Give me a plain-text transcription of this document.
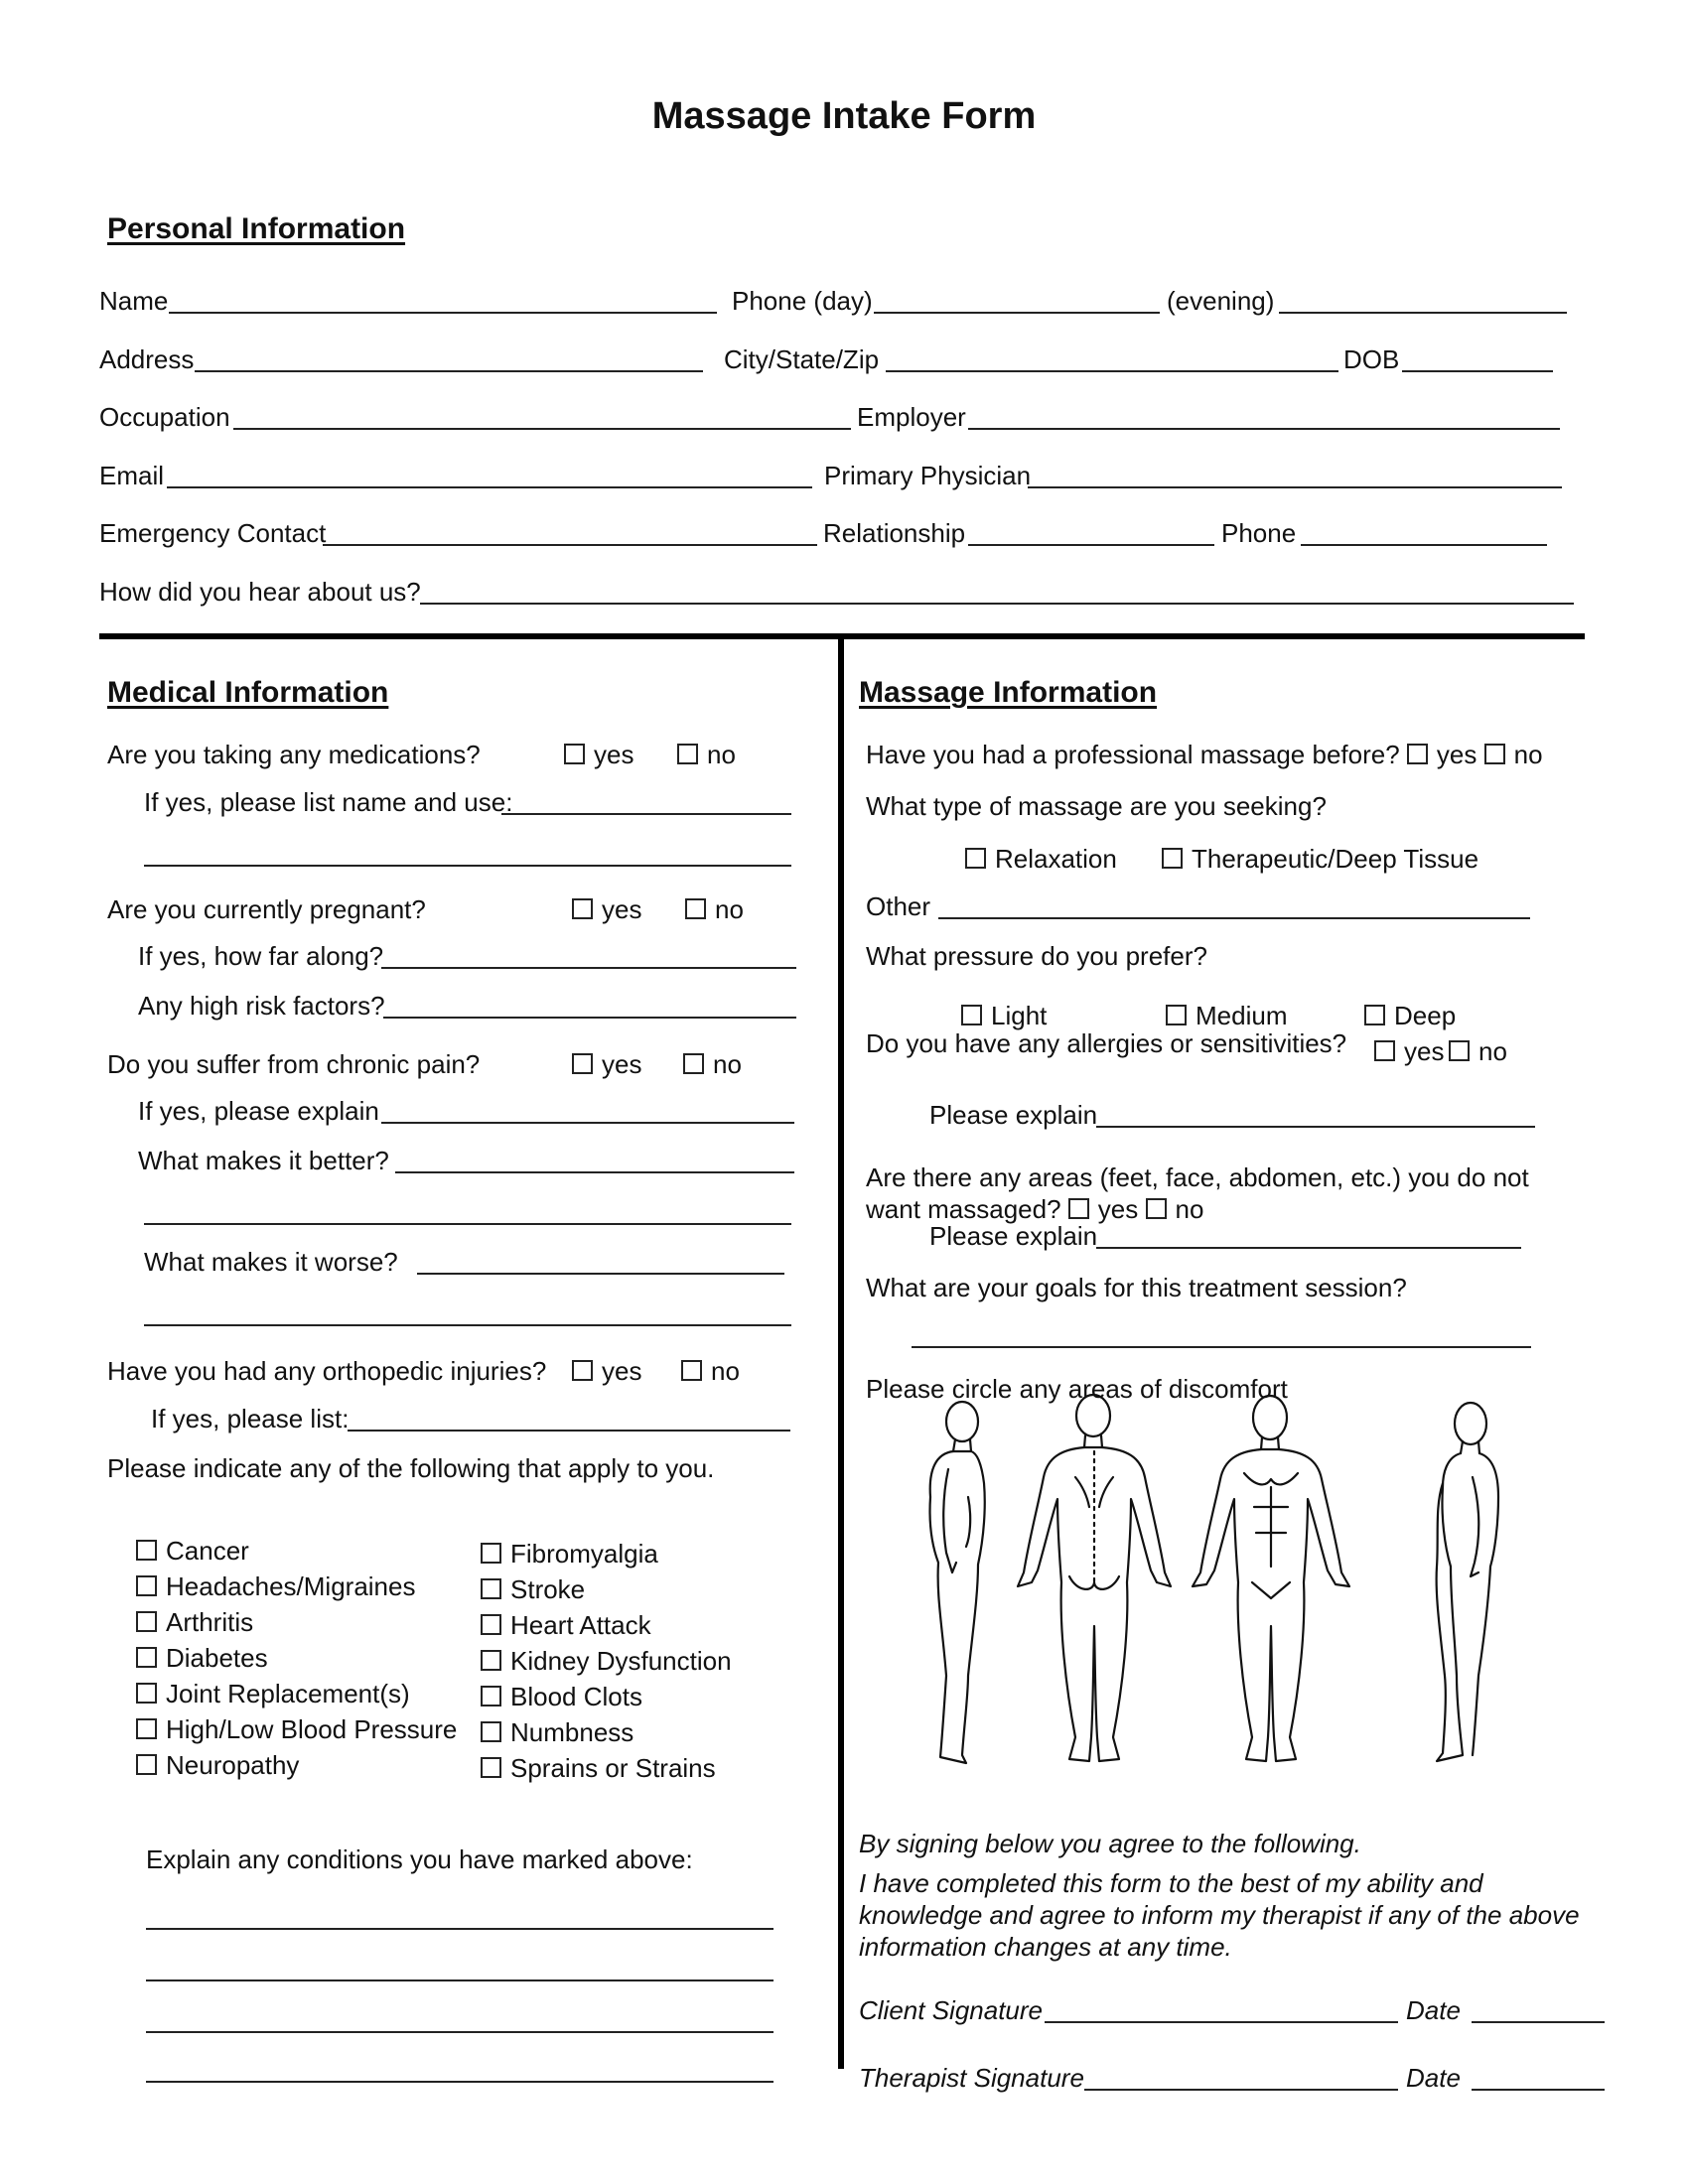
Massage Intake Form
Personal Information
Name	Phone (day)	(evening)
Address	City/State/Zip	DOB
Occupation	Employer
Email	Primary Physician
Emergency Contact	Relationship	Phone
How did you hear about us?
Medical Information
Are you taking any medications?	yes	no
If yes, please list name and use:
Are you currently pregnant?	yes	no
If yes, how far along?
Any high risk factors?
Do you suffer from chronic pain?	yes	no
If yes, please explain
What makes it better?
What makes it worse?
Have you had any orthopedic injuries?	yes	no
If yes, please list:
Please indicate any of the following that apply to you.
Cancer
Headaches/Migraines
Arthritis
Diabetes
Joint Replacement(s)
High/Low Blood Pressure
Neuropathy
Fibromyalgia
Stroke
Heart Attack
Kidney Dysfunction
Blood Clots
Numbness
Sprains or Strains
Explain any conditions you have marked above:
Massage Information
Have you had a professional massage before? yes no
What type of massage are you seeking?
Relaxation	Therapeutic/Deep Tissue
Other
What pressure do you prefer?
Light	Medium	Deep
Do you have any allergies or sensitivities?	yes	no
Please explain
Are there any areas (feet, face, abdomen, etc.) you do not
want massaged? yes no
Please explain
What are your goals for this treatment session?
Please circle any areas of discomfort
By signing below you agree to the following.
I have completed this form to the best of my ability and
knowledge and agree to inform my therapist if any of the above
information changes at any time.
Client Signature	Date
Therapist Signature	Date
